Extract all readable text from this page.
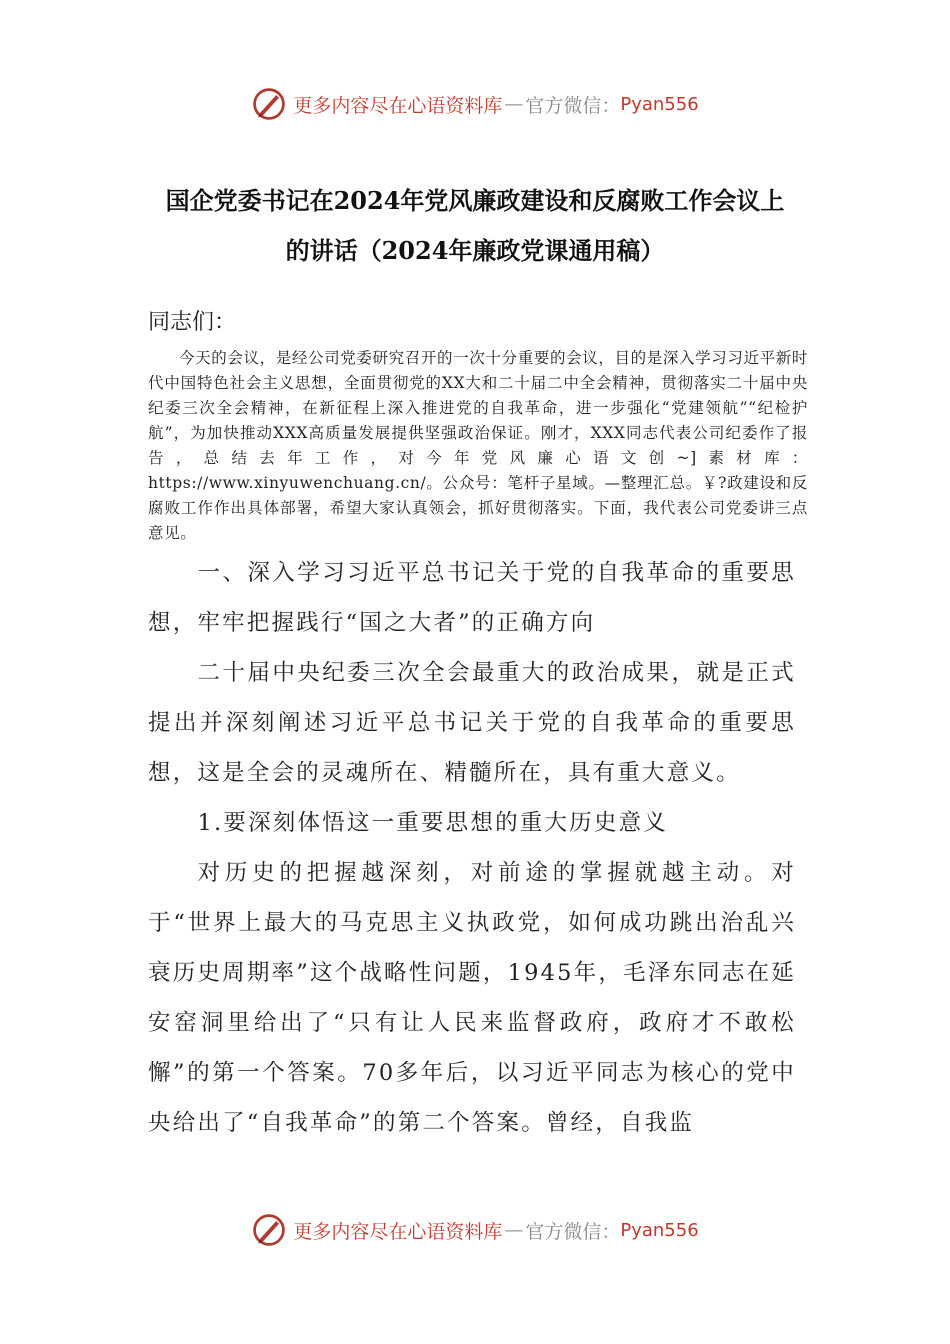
更多内容尽在心语资料库 — 官方微信： Pyan556
国企党委书记在2024年党风廉政建设和反腐败工作会议上
的讲话（2024年廉政党课通用稿）
同志们：
今天的会议，是经公司党委研究召开的一次十分重要的会议，目的是深入学习习近平新时代中国特色社会主义思想，全面贯彻党的XX大和二十届二中全会精神，贯彻落实二十届中央纪委三次全会精神，在新征程上深入推进党的自我革命，进一步强化“党建领航”“纪检护航”，为加快推动XXX高质量发展提供坚强政治保证。刚才，XXX同志代表公司纪委作了报告，总结去年工作，对今年党风廉心语文创~]素材库：https://www.xinyuwenchuang.cn/。公众号：笔杆子星域。—整理汇总。￥?政建设和反腐败工作作出具体部署，希望大家认真领会，抓好贯彻落实。下面，我代表公司党委讲三点意见。

一、深入学习习近平总书记关于党的自我革命的重要思想，牢牢把握践行“国之大者”的正确方向

二十届中央纪委三次全会最重大的政治成果，就是正式提出并深刻阐述习近平总书记关于党的自我革命的重要思想，这是全会的灵魂所在、精髓所在，具有重大意义。

1.要深刻体悟这一重要思想的重大历史意义

对历史的把握越深刻，对前途的掌握就越主动。对于“世界上最大的马克思主义执政党，如何成功跳出治乱兴衰历史周期率”这个战略性问题，1945年，毛泽东同志在延安窑洞里给出了“只有让人民来监督政府，政府才不敢松懈”的第一个答案。70多年后，以习近平同志为核心的党中央给出了“自我革命”的第二个答案。曾经，自我监

更多内容尽在心语资料库 — 官方微信： Pyan556
